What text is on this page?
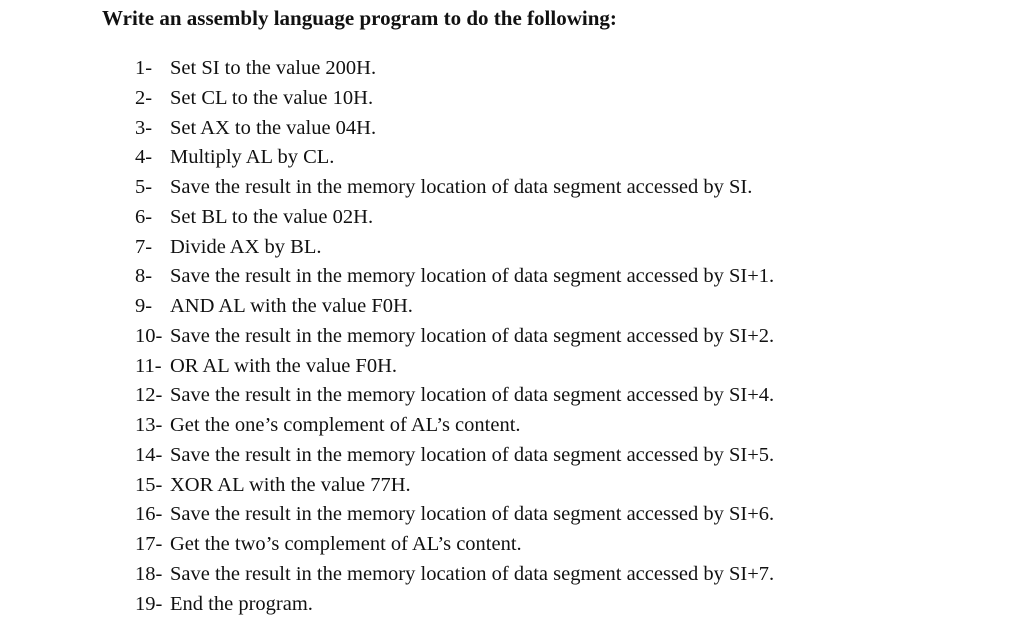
Write an assembly language program to do the following:
1- Set SI to the value 200H.
2- Set CL to the value 10H.
3- Set AX to the value 04H.
4- Multiply AL by CL.
5- Save the result in the memory location of data segment accessed by SI.
6- Set BL to the value 02H.
7- Divide AX by BL.
8- Save the result in the memory location of data segment accessed by SI+1.
9- AND AL with the value F0H.
10- Save the result in the memory location of data segment accessed by SI+2.
11- OR AL with the value F0H.
12- Save the result in the memory location of data segment accessed by SI+4.
13- Get the one’s complement of AL’s content.
14- Save the result in the memory location of data segment accessed by SI+5.
15- XOR AL with the value 77H.
16- Save the result in the memory location of data segment accessed by SI+6.
17- Get the two’s complement of AL’s content.
18- Save the result in the memory location of data segment accessed by SI+7.
19- End the program.
